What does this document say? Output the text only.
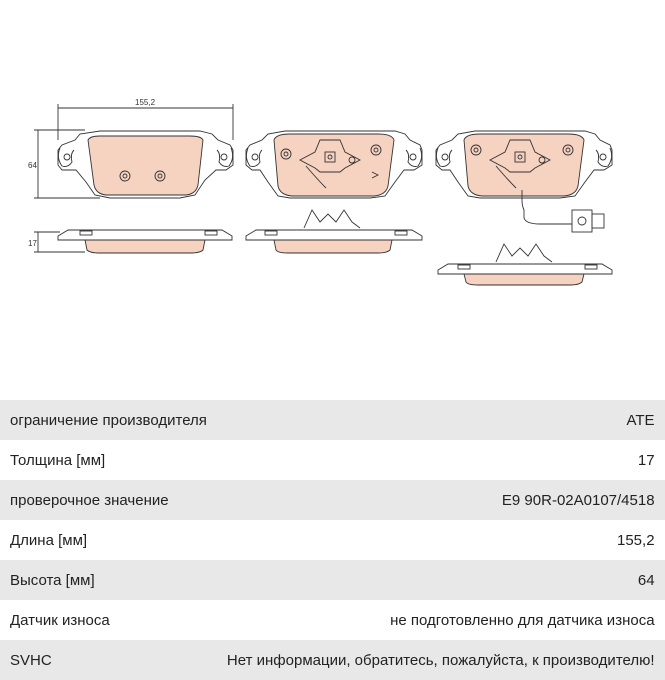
155,2
64
17
ограничение производителя	ATE
Толщина [мм]	17
проверочное значение	E9 90R-02A0107/4518
Длина [мм]	155,2
Высота [мм]	64
Датчик износа	не подготовленно для датчика износа
SVHC	Нет информации, обратитесь, пожалуйста, к производителю!
